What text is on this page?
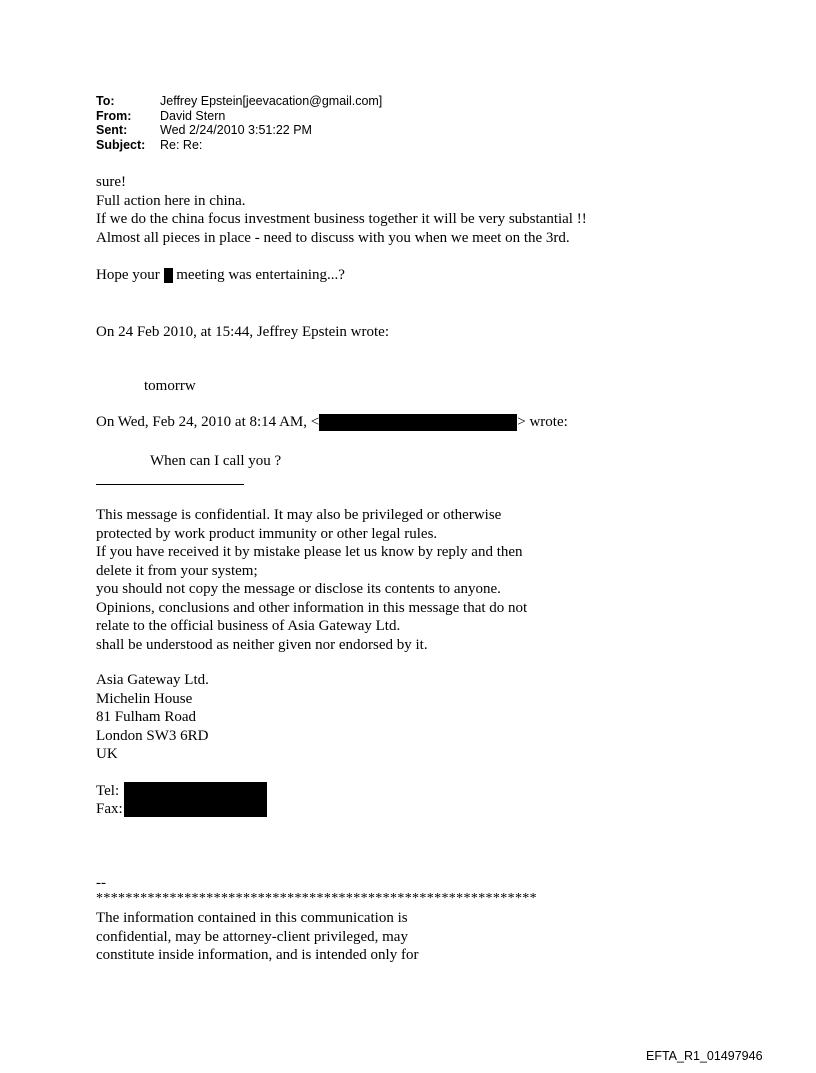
To:	Jeffrey Epstein[jeevacation@gmail.com]
From:	David Stern
Sent:	Wed 2/24/2010 3:51:22 PM
Subject:	Re: Re:
sure!
Full action here in china.
If we do the china focus investment business together it will be very substantial !!
Almost all pieces in place - need to discuss with you when we meet on the 3rd.
Hope your  meeting was entertaining...?
On 24 Feb 2010, at 15:44, Jeffrey Epstein wrote:
tomorrw
On Wed, Feb 24, 2010 at 8:14 AM, <	> wrote:
When can I call you ?
This message is confidential. It may also be privileged or otherwise
protected by work product immunity or other legal rules.
If you have received it by mistake please let us know by reply and then
delete it from your system;
you should not copy the message or disclose its contents to anyone.
Opinions, conclusions and other information in this message that do not
relate to the official business of Asia Gateway Ltd.
shall be understood as neither given nor endorsed by it.
Asia Gateway Ltd.
Michelin House
81 Fulham Road
London SW3 6RD
UK
Tel:
Fax:
--
************************************************************
The information contained in this communication is
confidential, may be attorney-client privileged, may
constitute inside information, and is intended only for
EFTA_R1_01497946
